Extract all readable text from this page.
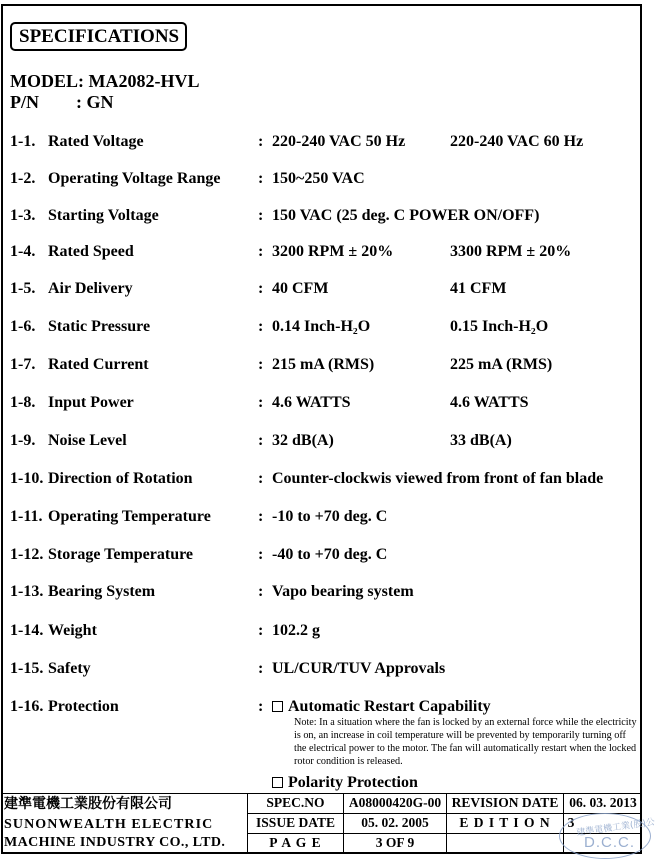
SPECIFICATIONS
MODEL: MA2082-HVL
P/N : GN
1-1. Rated Voltage	: 220-240 VAC 50 Hz	220-240 VAC 60 Hz
1-2. Operating Voltage Range : 150~250 VAC
1-3. Starting Voltage	: 150 VAC (25 deg. C POWER ON/OFF)
1-4. Rated Speed	: 3200 RPM ± 20%	3300 RPM ± 20%
1-5. Air Delivery	: 40 CFM	41 CFM
1-6. Static Pressure	: 0.14 Inch-H₂O	0.15 Inch-H₂O
1-7. Rated Current	: 215 mA (RMS)	225 mA (RMS)
1-8. Input Power	: 4.6 WATTS	4.6 WATTS
1-9. Noise Level	: 32 dB(A)	33 dB(A)
1-10. Direction of Rotation	: Counter-clockwis viewed from front of fan blade
1-11. Operating Temperature	: -10 to +70 deg. C
1-12. Storage Temperature	: -40 to +70 deg. C
1-13. Bearing System	: Vapo bearing system
1-14. Weight	: 102.2 g
1-15. Safety	: UL/CUR/TUV Approvals
1-16. Protection	:	Automatic Restart Capability
Note: In a situation where the fan is locked by an external force while the electricity is on, an increase in coil temperature will be prevented by temporarily turning off the electrical power to the motor. The fan will automatically restart when the locked rotor condition is released.
Polarity Protection
建準電機工業股份有限公司
SUNONWEALTH ELECTRIC
MACHINE INDUSTRY CO., LTD.
SPEC.NO	A08000420G-00 REVISION DATE 06. 03. 2013
ISSUE DATE	05. 02. 2005	E D I T I O N	3
P A G E	3 OF 9
建準電機工業(股)公
D.C.C.
